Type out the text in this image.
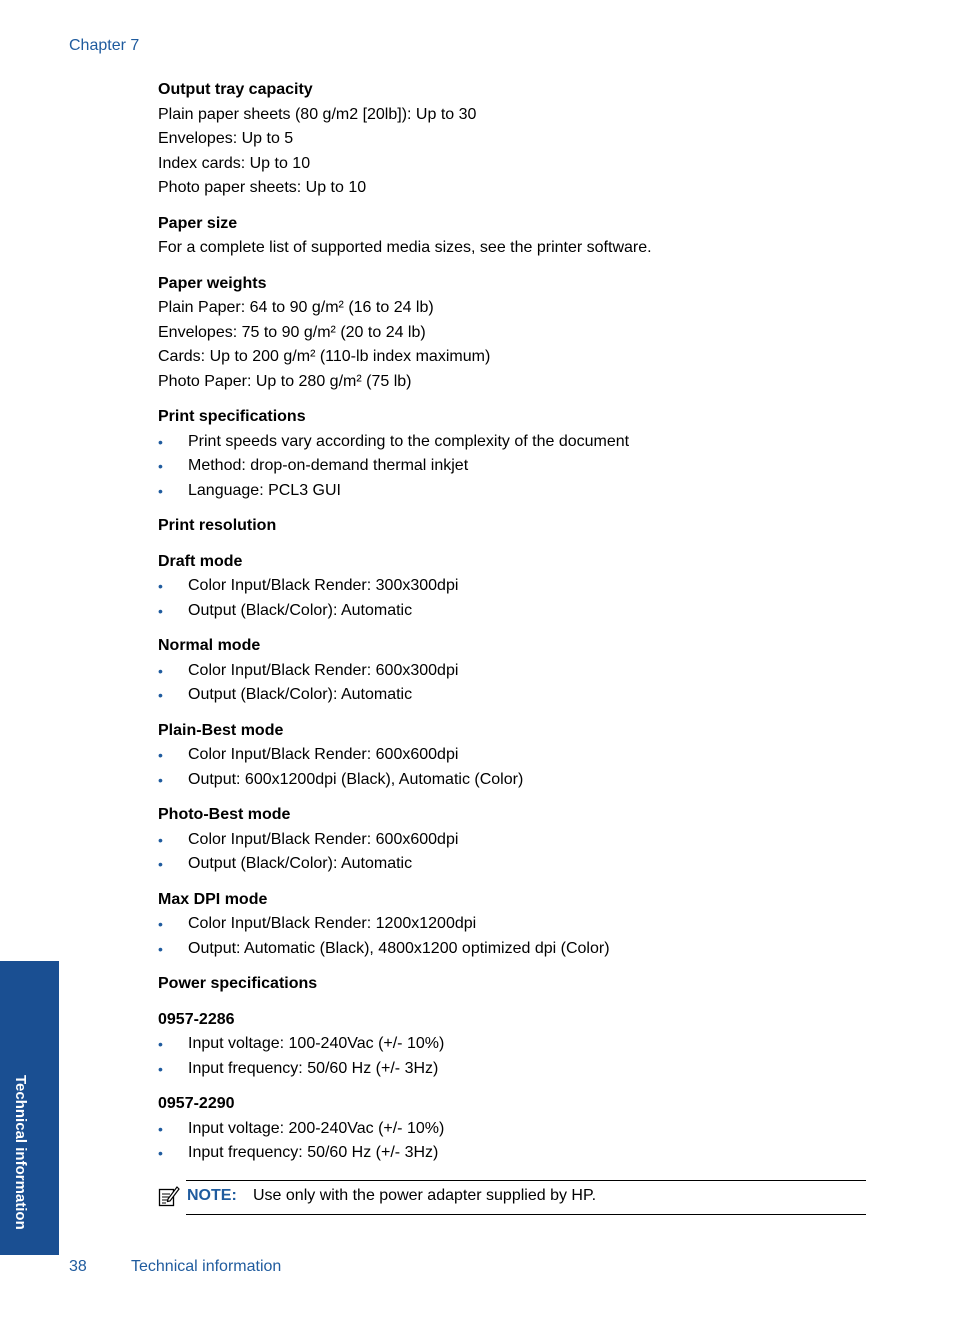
Chapter 7
Output tray capacity
Plain paper sheets (80 g/m2 [20lb]): Up to 30
Envelopes: Up to 5
Index cards: Up to 10
Photo paper sheets: Up to 10
Paper size
For a complete list of supported media sizes, see the printer software.
Paper weights
Plain Paper: 64 to 90 g/m² (16 to 24 lb)
Envelopes: 75 to 90 g/m² (20 to 24 lb)
Cards: Up to 200 g/m² (110-lb index maximum)
Photo Paper: Up to 280 g/m² (75 lb)
Print specifications
• Print speeds vary according to the complexity of the document
• Method: drop-on-demand thermal inkjet
• Language: PCL3 GUI
Print resolution
Draft mode
• Color Input/Black Render: 300x300dpi
• Output (Black/Color): Automatic
Normal mode
• Color Input/Black Render: 600x300dpi
• Output (Black/Color): Automatic
Plain-Best mode
• Color Input/Black Render: 600x600dpi
• Output: 600x1200dpi (Black), Automatic (Color)
Photo-Best mode
• Color Input/Black Render: 600x600dpi
• Output (Black/Color): Automatic
Max DPI mode
• Color Input/Black Render: 1200x1200dpi
• Output: Automatic (Black), 4800x1200 optimized dpi (Color)
Power specifications
0957-2286
• Input voltage: 100-240Vac (+/- 10%)
• Input frequency: 50/60 Hz (+/- 3Hz)
0957-2290
• Input voltage: 200-240Vac (+/- 10%)
• Input frequency: 50/60 Hz (+/- 3Hz)
NOTE: Use only with the power adapter supplied by HP.
Technical information
38	Technical information
